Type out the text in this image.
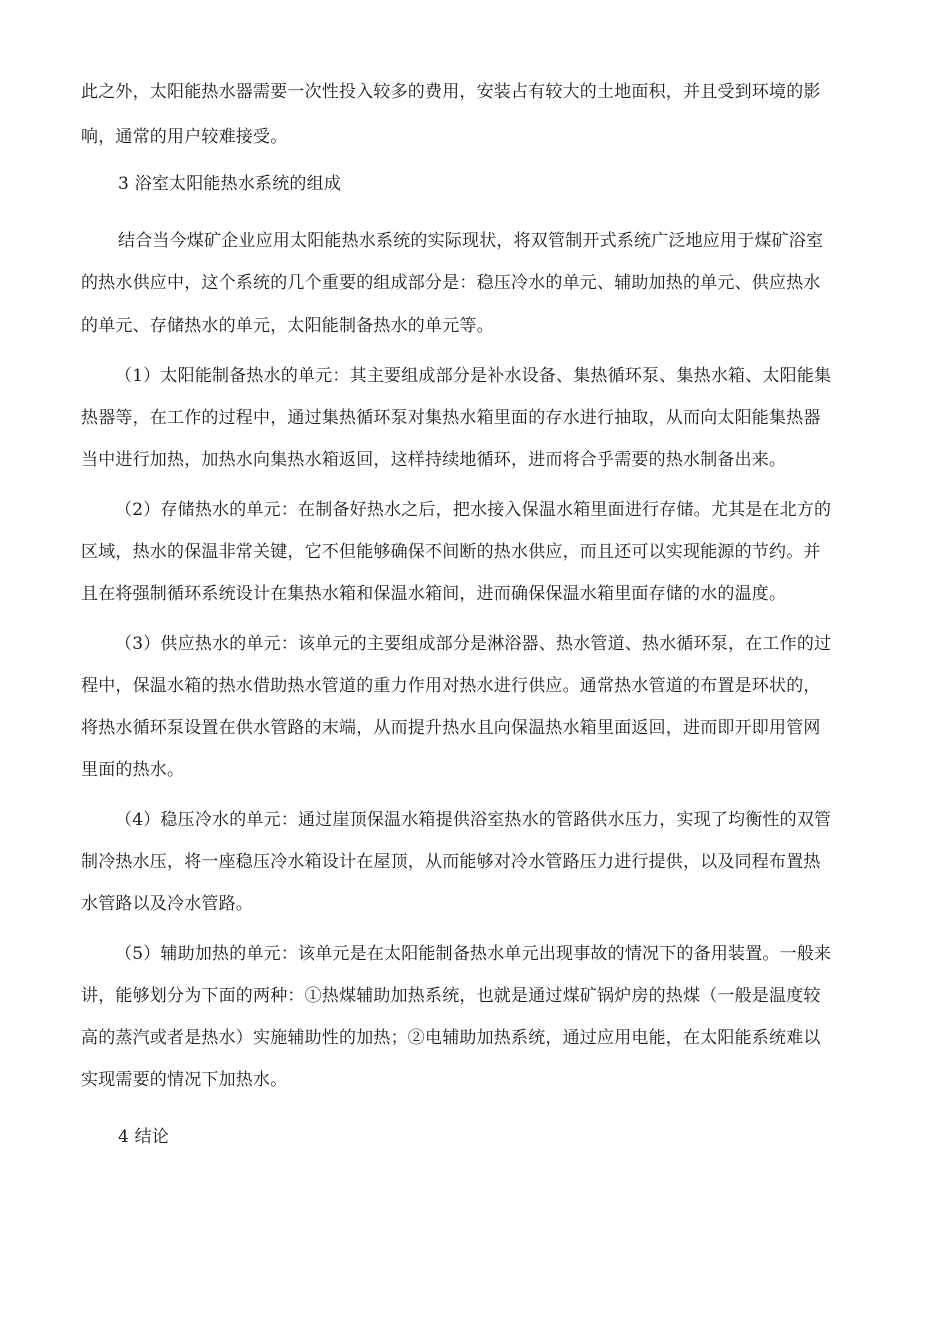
此之外，太阳能热水器需要一次性投入较多的费用，安装占有较大的土地面积，并且受到环境的影
响，通常的用户较难接受。
3 浴室太阳能热水系统的组成
结合当今煤矿企业应用太阳能热水系统的实际现状，将双管制开式系统广泛地应用于煤矿浴室
的热水供应中，这个系统的几个重要的组成部分是：稳压冷水的单元、辅助加热的单元、供应热水
的单元、存储热水的单元，太阳能制备热水的单元等。
（1）太阳能制备热水的单元：其主要组成部分是补水设备、集热循环泵、集热水箱、太阳能集
热器等，在工作的过程中，通过集热循环泵对集热水箱里面的存水进行抽取，从而向太阳能集热器
当中进行加热，加热水向集热水箱返回，这样持续地循环，进而将合乎需要的热水制备出来。
（2）存储热水的单元：在制备好热水之后，把水接入保温水箱里面进行存储。尤其是在北方的
区域，热水的保温非常关键，它不但能够确保不间断的热水供应，而且还可以实现能源的节约。并
且在将强制循环系统设计在集热水箱和保温水箱间，进而确保保温水箱里面存储的水的温度。
（3）供应热水的单元：该单元的主要组成部分是淋浴器、热水管道、热水循环泵，在工作的过
程中，保温水箱的热水借助热水管道的重力作用对热水进行供应。通常热水管道的布置是环状的，
将热水循环泵设置在供水管路的末端，从而提升热水且向保温热水箱里面返回，进而即开即用管网
里面的热水。
（4）稳压冷水的单元：通过崖顶保温水箱提供浴室热水的管路供水压力，实现了均衡性的双管
制冷热水压，将一座稳压冷水箱设计在屋顶，从而能够对冷水管路压力进行提供，以及同程布置热
水管路以及冷水管路。
（5）辅助加热的单元：该单元是在太阳能制备热水单元出现事故的情况下的备用装置。一般来
讲，能够划分为下面的两种：①热煤辅助加热系统，也就是通过煤矿锅炉房的热煤（一般是温度较
高的蒸汽或者是热水）实施辅助性的加热；②电辅助加热系统，通过应用电能，在太阳能系统难以
实现需要的情况下加热水。
4 结论
